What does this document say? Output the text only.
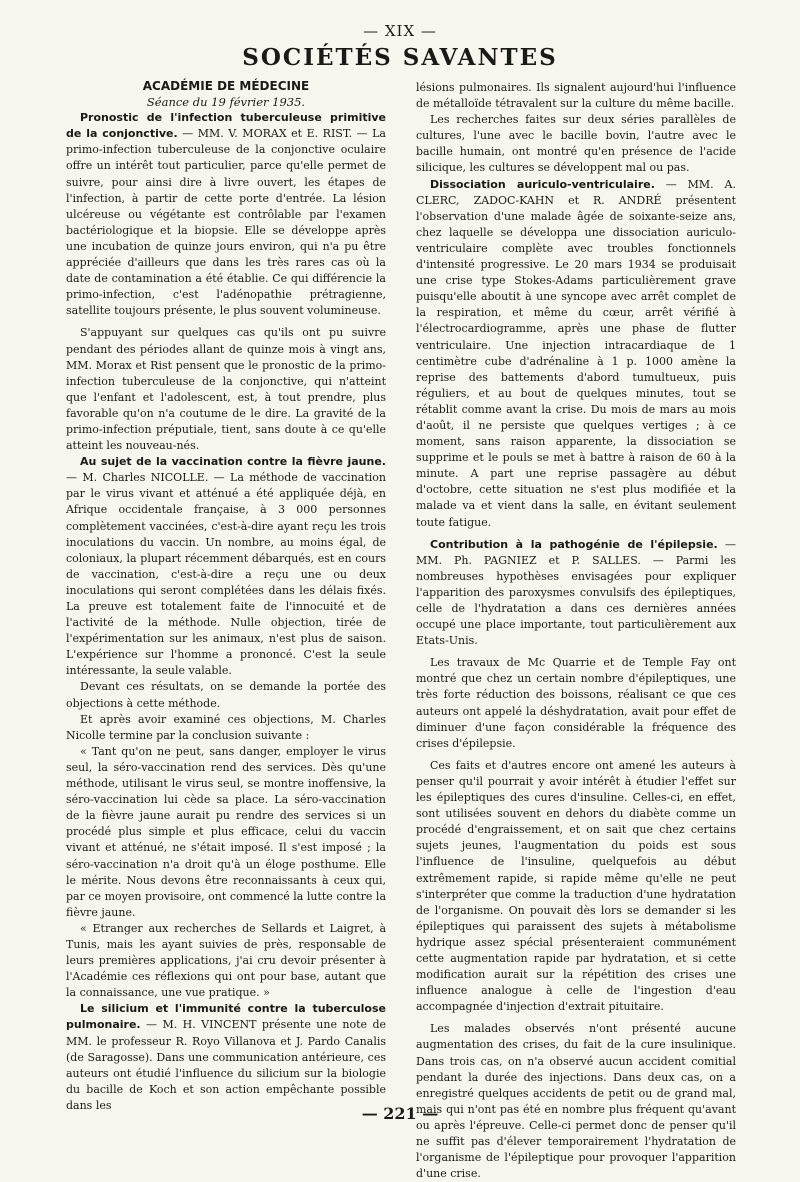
— XIX —
SOCIÉTÉS SAVANTES

ACADÉMIE DE MÉDECINE

Séance du 19 février 1935.

Pronostic de l'infection tuberculeuse primitive de la conjonctive. — MM. V. MORAX et E. RIST. — La primo-infection tuberculeuse de la conjonctive oculaire offre un intérêt tout particulier, parce qu'elle permet de suivre, pour ainsi dire à livre ouvert, les étapes de l'infection, à partir de cette porte d'entrée. La lésion ulcéreuse ou végétante est contrôlable par l'examen bactériologique et la biopsie. Elle se développe après une incubation de quinze jours environ, qui n'a pu être appréciée d'ailleurs que dans les très rares cas où la date de contamination a été établie. Ce qui différencie la primo-infection, c'est l'adénopathie prétragienne, satellite toujours présente, le plus souvent volumineuse.

S'appuyant sur quelques cas qu'ils ont pu suivre pendant des périodes allant de quinze mois à vingt ans, MM. Morax et Rist pensent que le pronostic de la primo-infection tuberculeuse de la conjonctive, qui n'atteint que l'enfant et l'adolescent, est, à tout prendre, plus favorable qu'on n'a coutume de le dire. La gravité de la primo-infection préputiale, tient, sans doute à ce qu'elle atteint les nouveau-nés.

Au sujet de la vaccination contre la fièvre jaune. — M. Charles NICOLLE. — La méthode de vaccination par le virus vivant et atténué a été appliquée déjà, en Afrique occidentale française, à 3 000 personnes complètement vaccinées, c'est-à-dire ayant reçu les trois inoculations du vaccin. Un nombre, au moins égal, de coloniaux, la plupart récemment débarqués, est en cours de vaccination, c'est-à-dire a reçu une ou deux inoculations qui seront complétées dans les délais fixés. La preuve est totalement faite de l'innocuité et de l'activité de la méthode. Nulle objection, tirée de l'expérimentation sur les animaux, n'est plus de saison. L'expérience sur l'homme a prononcé. C'est la seule intéressante, la seule valable.

Devant ces résultats, on se demande la portée des objections à cette méthode.

Et après avoir examiné ces objections, M. Charles Nicolle termine par la conclusion suivante :

« Tant qu'on ne peut, sans danger, employer le virus seul, la séro-vaccination rend des services. Dès qu'une méthode, utilisant le virus seul, se montre inoffensive, la séro-vaccination lui cède sa place. La séro-vaccination de la fièvre jaune aurait pu rendre des services si un procédé plus simple et plus efficace, celui du vaccin vivant et atténué, ne s'était imposé. Il s'est imposé ; la séro-vaccination n'a droit qu'à un éloge posthume. Elle le mérite. Nous devons être reconnaissants à ceux qui, par ce moyen provisoire, ont commencé la lutte contre la fièvre jaune.

« Etranger aux recherches de Sellards et Laigret, à Tunis, mais les ayant suivies de près, responsable de leurs premières applications, j'ai cru devoir présenter à l'Académie ces réflexions qui ont pour base, autant que la connaissance, une vue pratique. »

Le silicium et l'immunité contre la tuberculose pulmonaire. — M. H. VINCENT présente une note de MM. le professeur R. Royo Villanova et J. Pardo Canalis (de Saragosse). Dans une communication antérieure, ces auteurs ont étudié l'influence du silicium sur la biologie du bacille de Koch et son action empêchante possible dans les

lésions pulmonaires. Ils signalent aujourd'hui l'influence de métalloïde tétravalent sur la culture du même bacille.

Les recherches faites sur deux séries parallèles de cultures, l'une avec le bacille bovin, l'autre avec le bacille humain, ont montré qu'en présence de l'acide silicique, les cultures se développent mal ou pas.

Dissociation auriculo-ventriculaire. — MM. A. CLERC, ZADOC-KAHN et R. ANDRÉ présentent l'observation d'une malade âgée de soixante-seize ans, chez laquelle se développa une dissociation auriculo-ventriculaire complète avec troubles fonctionnels d'intensité progressive. Le 20 mars 1934 se produisait une crise type Stokes-Adams particulièrement grave puisqu'elle aboutit à une syncope avec arrêt complet de la respiration, et même du cœur, arrêt vérifié à l'électrocardiogramme, après une phase de flutter ventriculaire. Une injection intracardiaque de 1 centimètre cube d'adrénaline à 1 p. 1000 amène la reprise des battements d'abord tumultueux, puis réguliers, et au bout de quelques minutes, tout se rétablit comme avant la crise. Du mois de mars au mois d'août, il ne persiste que quelques vertiges ; à ce moment, sans raison apparente, la dissociation se supprime et le pouls se met à battre à raison de 60 à la minute. A part une reprise passagère au début d'octobre, cette situation ne s'est plus modifiée et la malade va et vient dans la salle, en évitant seulement toute fatigue.

Contribution à la pathogénie de l'épilepsie. — MM. Ph. PAGNIEZ et P. SALLES. — Parmi les nombreuses hypothèses envisagées pour expliquer l'apparition des paroxysmes convulsifs des épileptiques, celle de l'hydratation a dans ces dernières années occupé une place importante, tout particulièrement aux Etats-Unis.

Les travaux de Mc Quarrie et de Temple Fay ont montré que chez un certain nombre d'épileptiques, une très forte réduction des boissons, réalisant ce que ces auteurs ont appelé la déshydratation, avait pour effet de diminuer d'une façon considérable la fréquence des crises d'épilepsie.

Ces faits et d'autres encore ont amené les auteurs à penser qu'il pourrait y avoir intérêt à étudier l'effet sur les épileptiques des cures d'insuline. Celles-ci, en effet, sont utilisées souvent en dehors du diabète comme un procédé d'engraissement, et on sait que chez certains sujets jeunes, l'augmentation du poids est sous l'influence de l'insuline, quelquefois au début extrêmement rapide, si rapide même qu'elle ne peut s'interpréter que comme la traduction d'une hydratation de l'organisme. On pouvait dès lors se demander si les épileptiques qui paraissent des sujets à métabolisme hydrique assez spécial présenteraient communément cette augmentation rapide par hydratation, et si cette modification aurait sur la répétition des crises une influence analogue à celle de l'ingestion d'eau accompagnée d'injection d'extrait pituitaire.

Les malades observés n'ont présenté aucune augmentation des crises, du fait de la cure insulinique. Dans trois cas, on n'a observé aucun accident comitial pendant la durée des injections. Dans deux cas, on a enregistré quelques accidents de petit ou de grand mal, mais qui n'ont pas été en nombre plus fréquent qu'avant ou après l'épreuve. Celle-ci permet donc de penser qu'il ne suffit pas d'élever temporairement l'hydratation de l'organisme de l'épileptique pour provoquer l'apparition d'une crise.

— 221 —
